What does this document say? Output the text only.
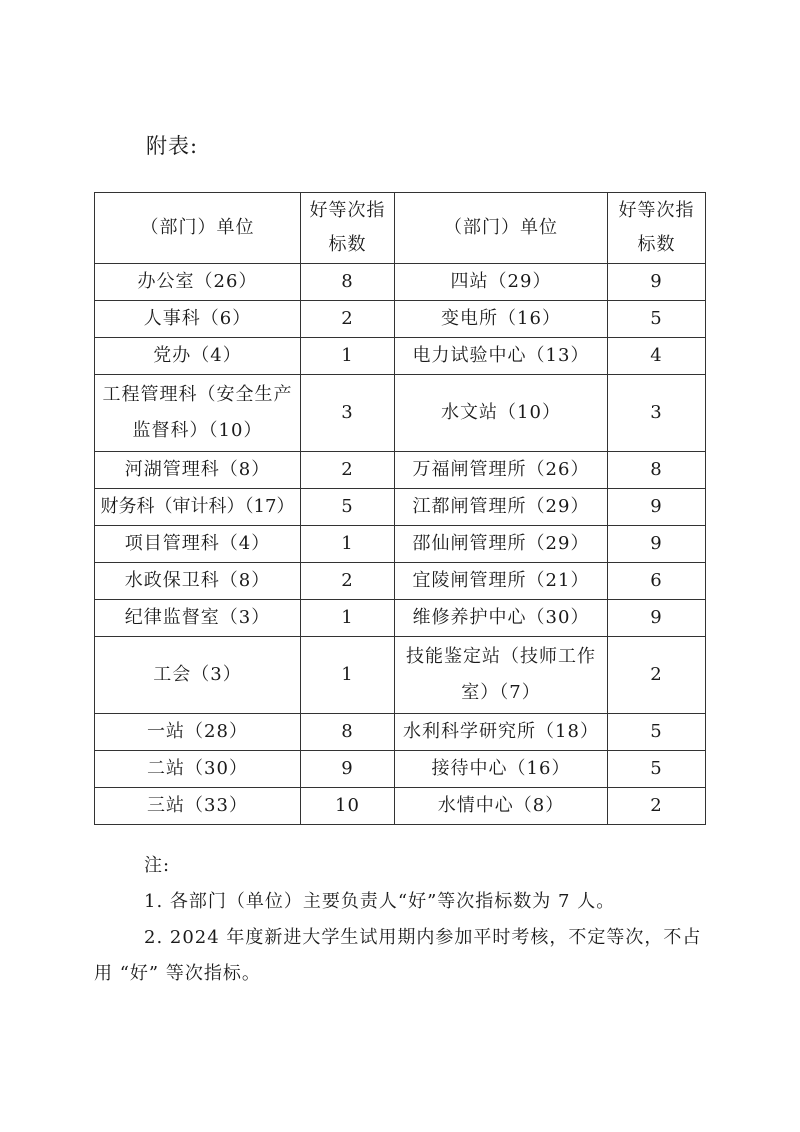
附表:
（部门）单位	好等次指标数	（部门）单位	好等次指标数
办公室（26）	8	四站（29）	9
人事科（6）	2	变电所（16）	5
党办（4）	1	电力试验中心（13）	4
工程管理科（安全生产监督科）（10）	3	水文站（10）	3
河湖管理科（8）	2	万福闸管理所（26）	8
财务科（审计科）（17）	5	江都闸管理所（29）	9
项目管理科（4）	1	邵仙闸管理所（29）	9
水政保卫科（8）	2	宜陵闸管理所（21）	6
纪律监督室（3）	1	维修养护中心（30）	9
工会（3）	1	技能鉴定站（技师工作室）（7）	2
一站（28）	8	水利科学研究所（18）	5
二站（30）	9	接待中心（16）	5
三站（33）	10	水情中心（8）	2
注:
1. 各部门（单位）主要负责人“好”等次指标数为 7 人。
2. 2024 年度新进大学生试用期内参加平时考核，不定等次，不占用 “好” 等次指标。
